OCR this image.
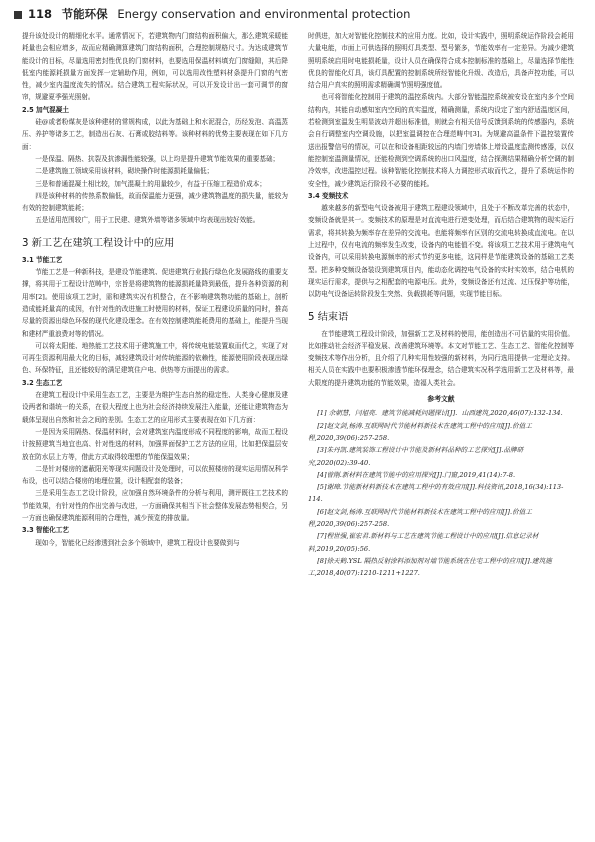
118 节能环保 Energy conservation and environmental protection

提升该处设计的精细化水平。通常情况下，若建筑物内门窗结构面积偏大，那么建筑采暖能耗量也会相应增多，故而应精确测算建筑门窗结构面积，合理控制规格尺寸。为达成建筑节能设计的目标，尽量选用密封性优良的门窗材料，也要选用保温材料填充门窗缝隙，其后降低室内能源耗损量方面发挥一定辅助作用，例如，可以选用改性塑料材条提升门窗的气密性，减少室内温度流失的情况。结合建筑工程实际状况，可以开发设计出一套可调节的窗帘，规避夏季强光照射。

2.5 加气混凝土

硅@或者粉煤灰是该种建材的常规构成，以此为基础上和水泥混合，历经发泡、高温蒸压、养护等诸多工艺，制造出石灰、石膏或胶结料等。该种材料的优势主要表现在如下几方面：

一是保温、隔热、抗裂及抗渗漏性能较强，以上均是提升建筑节能效果的重要基础；

二是建筑施工领域采用该材料，砌块操作时能源损耗量偏低；

三是和普通混凝土相比较，加气混凝土的用量较少，有益于压缩工程造价成本；

四是该种材料的传热系数偏低，故而保温能力更强，减少建筑物温度的损失量，能较为有效的控制建筑能耗；

五是适用范围较广，用于工民建、建筑外墙等诸多领域中均表现出较好效能。

3 新工艺在建筑工程设计中的应用

3.1 节能工艺

节能工艺是一种新科技，是建设节能建筑、促进建筑行业践行绿色化发展路线的重要支撑，将其用于工程设计范畴中，宗旨是将建筑物的能源损耗量降到最低，提升各种资源的利用率[2]。使用该项工艺时，需和建筑实况有机整合，在不影响建筑物功能的基础上，剖析造成能耗量高的成因，有针对性的改进施工时使用的材料，保证工程建设质量的同时，推高尽量的资源出绿色环保的现代化建设理念。在有效控制建筑能耗费用的基础上，能提升当现和建材严重浪费对等的情况。

可以将太阳能、地热能工艺技术用于建筑施工中，将传统电能装置取而代之，实现了对可再生资源利用最大化的目标，减轻建筑设计对传统能源的依赖性，能源使用阶段表现出绿色、环保特征，且还能较好的满足建筑住户电、供热等方面提出的需求。

3.2 生态工艺

在建筑工程设计中采用生态工艺，主要是为维护生态自然的稳定性、人类身心健康及建设两者和谐统一的关系，在很大程度上也为社会经济持续发展注入能量，还能让建筑物态为载体呈现出自然和社会之间的差别。生态工艺的应用形式主要表现在如下几方面：

一是因为采用隔热、保温材料时，会对建筑室内温度形成不同程度的影响，故而工程设计按照建筑当地宜也高、针对性选的材料，加强界面保护工艺方法的应用，比如把保温层安放在防水层上方等，借此方式取得较理想的节能保温效果；

二是针对楼房的遮蔽阳光等现实问题设计及处理时，可以依照楼房的现实运用情况科学布设，也可以结合楼房的地理位置，设计相配套的装备；

三是采用生态工艺设计阶段，应加强自然环境条件的分析与利用，测评既往工艺技术的节能效果，有针对性的作出完善与改进，一方面确保其相当下社会整体发展态势相契合，另一方面也确保建筑能源利用的合理性，减少预览的排放量。

3.3 智能化工艺

现如今，智能化已经渗透到社会多个领域中，建筑工程设计也要做到与

时俱进，加大对智能化控制技术的应用力度。比如，设计实践中，照明系统运作阶段会耗用大量电能，市面上可供选择的照明灯具类型、型号繁多，节能效率有一定差异。为减少建筑照明系统启用时电能损耗量，设计人员在确保符合成本控制标准的基础上，尽量选择节能性优良的智能化灯具，该灯具配置的控制系统所经智能化升级、改造后，具备声控功能，可以结合用户真实的照明需求精确调节照明强度值。

也可将智能化控制用于建筑的温控系统内。大部分智能温控系统被安设在室内多个空间结构内，其能自动感知室内空间的真实温度，精确测量，系统内设定了室内舒适温度区间，若检测到室温发生明显波动并超出标准值，则就会有相关信号反馈到系统的传感器内，系统会自行调整室内空调设施，以把室温调控在合理范畴中[3]。为规避高温条件下温控装置传送出报警信号的情况，可以在和设备相距较远的内墙门旁墙体上增设温度监测传感器，以仅能控制室温测量情况，还能检测到空调系统的出口风温度，结合探测结果精确分析空调的制冷效率，改进温控过程。该种智能化控制技术将人力调控形式取而代之，提升了系统运作的安全性，减少建筑运行阶段不必要的能耗。

3.4 变频技术

越来越多的新型电气设备被用于建筑工程建设领域中，且处于不断改革完善的状态中，变频设备就是其一。变频技术的原理是对直流电进行逆变处理，而后结合建筑物的现实运行需求，将其转换为频率存在差异的交流电。也能将频率有区别的交流电转换成直流电。在以上过程中，仅有电流的频率发生改变，设备内的电能值不变。将该项工艺技术用于建筑电气设备内，可以采用转换电源频率的形式节约更多电能，这同样是节能建筑设备的基础工艺类型。把多种变频设备装设到建筑项目内，能动态化调控电气设备的实时实效率，结合电机的现实运行需求，提供与之相配套的电源电压。此外，变频设备还有过流、过压保护等功能，以防电气设备运转阶段发生突然、负载损耗等问题，实现节能目标。

5 结束语

在节能建筑工程设计阶段，加强新工艺及材料的使用，能创造出不可估量的实用价值。比如推动社会经济平稳发展、改善建筑环境等。本文对节能工艺、生态工艺、智能化控制等变频技术等作出分析，且介绍了几种实用性较强的新材料，为同行选用提供一定理论支持。相关人员在实践中也要积极渗透节能环保理念，结合建筑实况科学选用新工艺及材料等，最大限度的提升建筑功能的节能效果，造福人类社会。

参考文献

[1] 余朝慧，闫旭亮．建筑节能减耗问题探讨[J]．山西建筑,2020,46(07):132-134.

[2]赵文剑,杨涛.互联网时代节能材料新技术在建筑工程中的应用[J].价值工程,2020,39(06):257-258.

[3]朱丹凯.建筑装饰工程设计中节能及新材料品种的工艺探究[J].品牌研究,2020(02):39-40.

[4]曾刚.新材料在建筑节能中的应用探究[J].门窗,2019,41(14):7-8.

[5]谢璋.节能新材料新技术在建筑工程中的有效应用[J].科技资讯,2018,16(34):113-114.

[6]赵文剑,杨涛.互联网时代节能材料新技术在建筑工程中的应用[J].价值工程,2020,39(06):257-258.

[7]程世强,崔宏君.新材料与工艺在建筑节能工程设计中的应用[J].信息记录材料,2019,20(05):56.

[8]徐天鹤.YSL 隔热反射涂料添加剂对墙节能系统在住宅工程中的应用[J].建筑施工,2018,40(07):1210-1211+1227.
